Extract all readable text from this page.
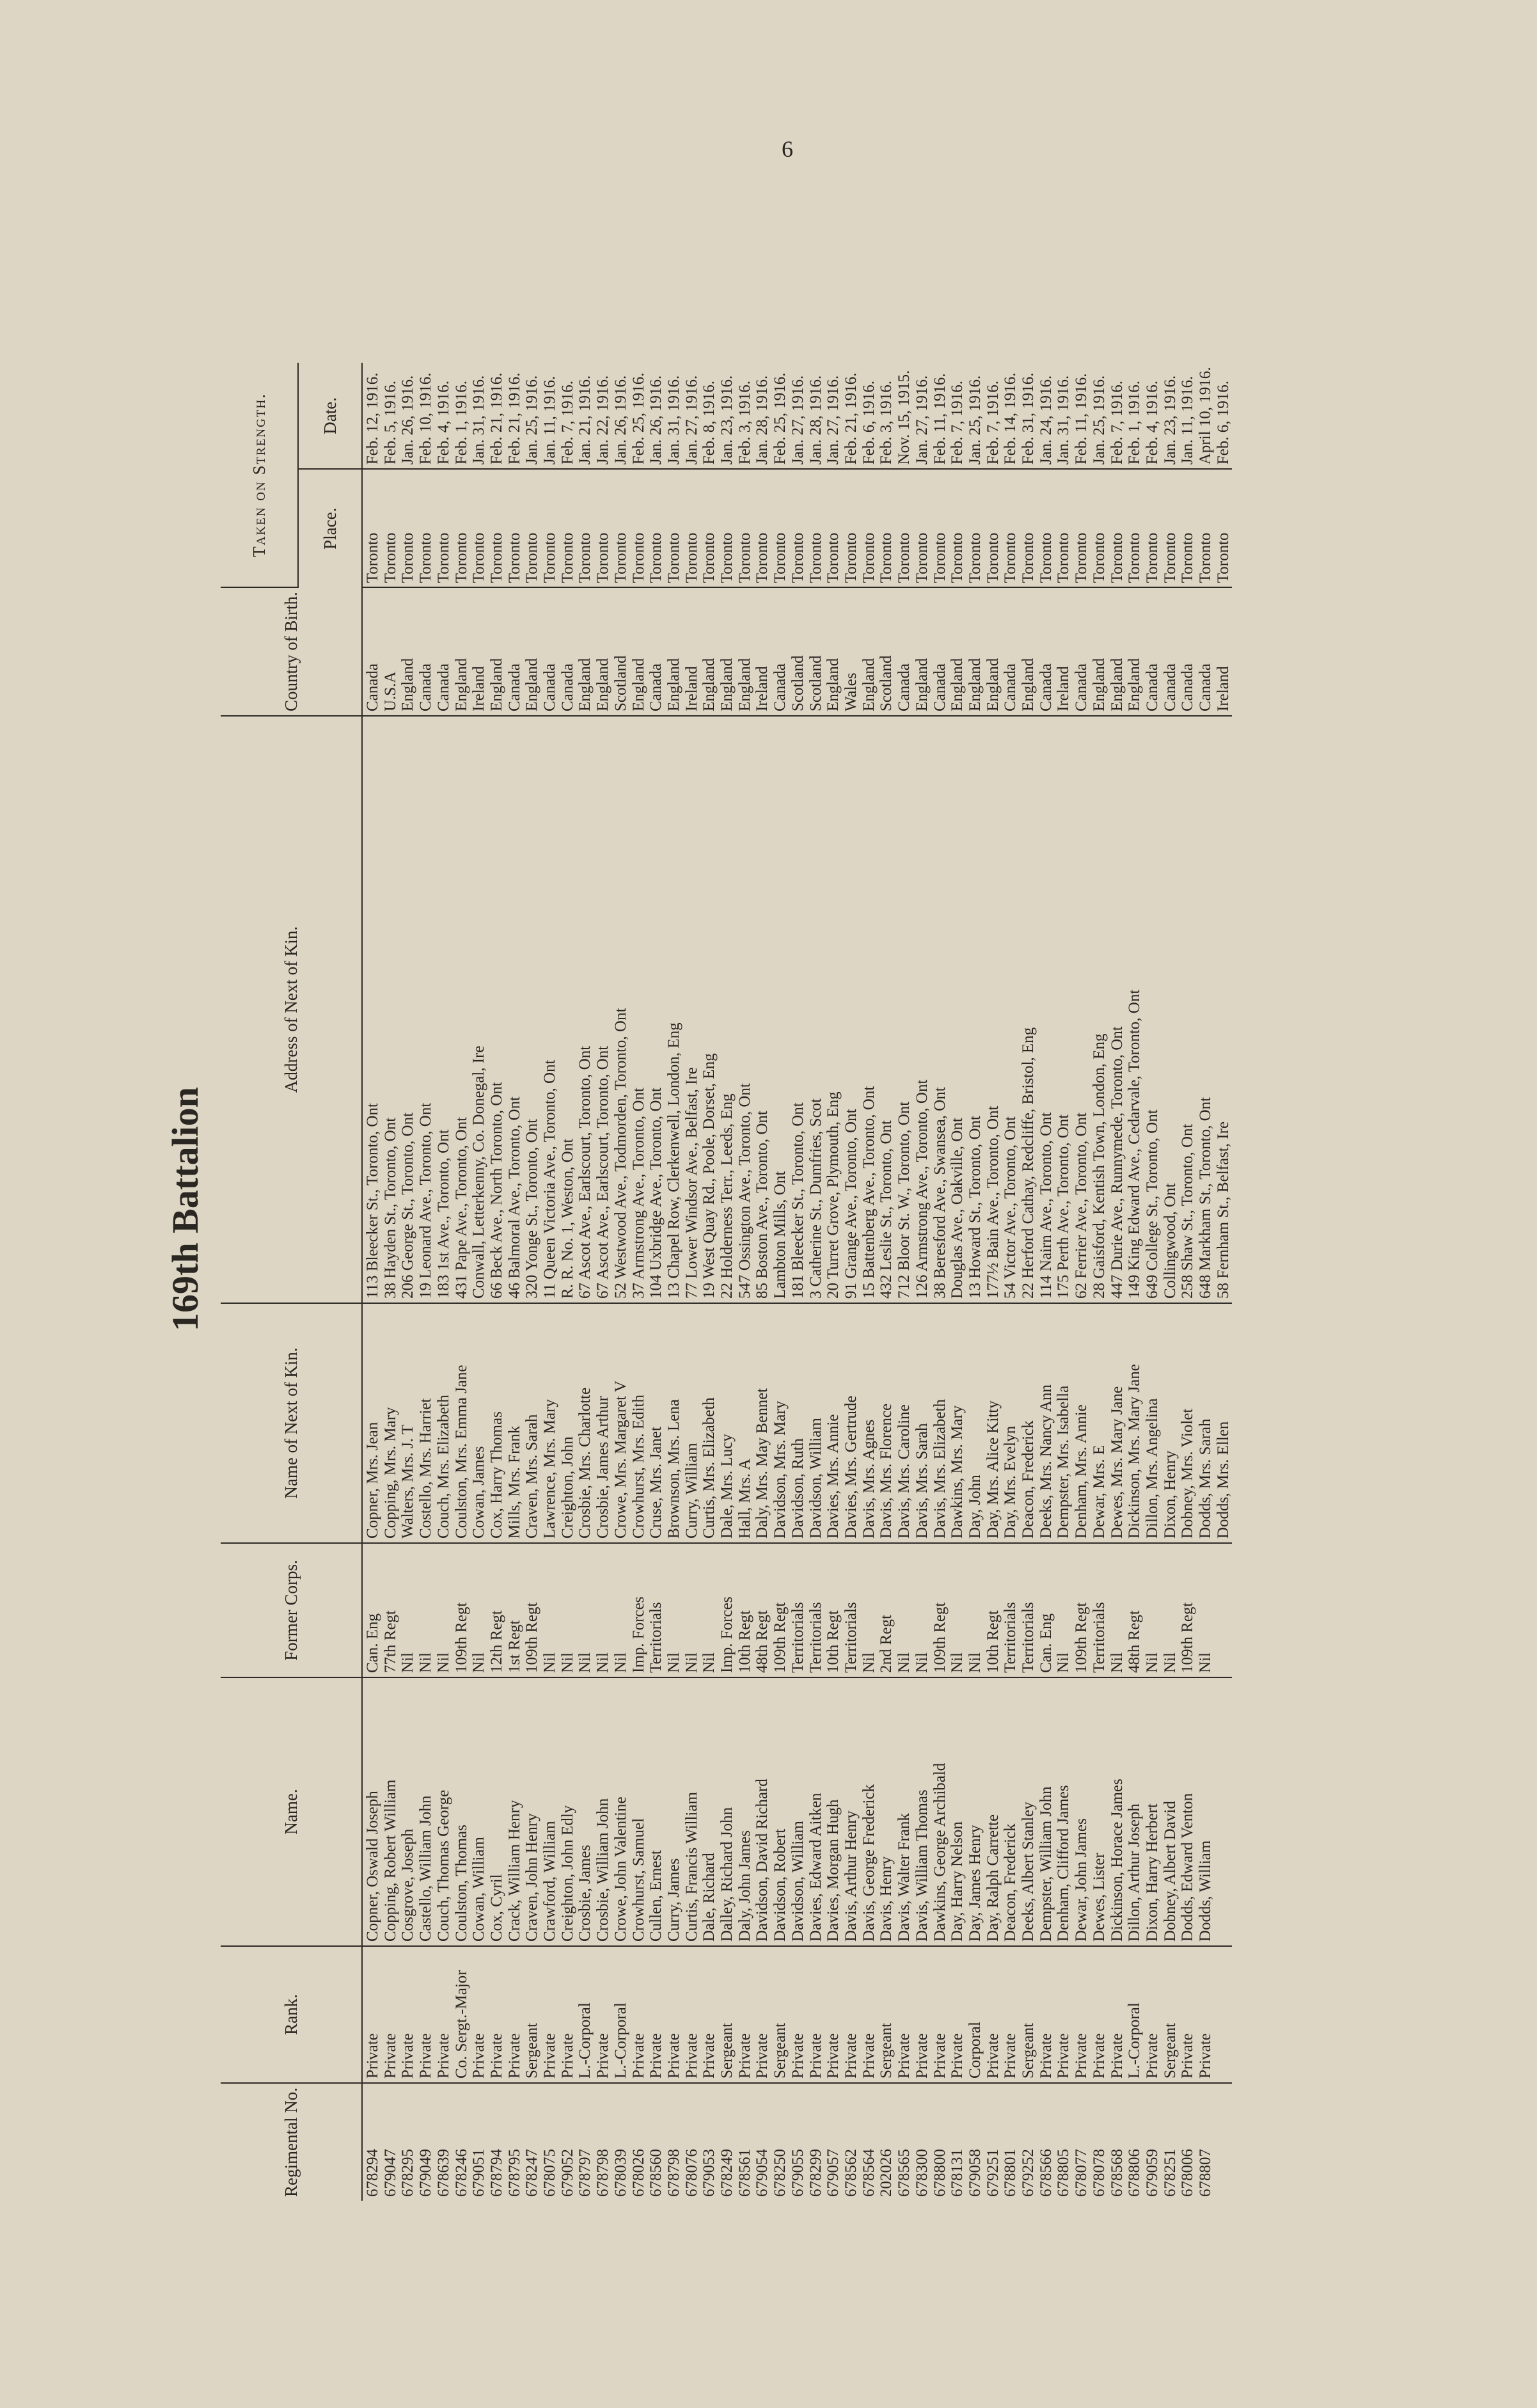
6
169th Battalion
Regimental No.	Rank.	Name.	Former Corps.	Name of Next of Kin.	Address of Next of Kin.	Country of Birth.	Taken on Strength.	
							Place.	Date.
678294	Private	Copner, Oswald Joseph	Can. Eng	Copner, Mrs. Jean	113 Bleecker St., Toronto, Ont	Canada	Toronto	Feb. 12, 1916.
679047	Private	Copping, Robert William	77th Regt	Copping, Mrs. Mary	38 Hayden St., Toronto, Ont	U.S.A	Toronto	Feb. 5, 1916.
678295	Private	Cosgrove, Joseph	Nil	Walters, Mrs. J. T	206 George St., Toronto, Ont	England	Toronto	Jan. 26, 1916.
679049	Private	Castello, William John	Nil	Costello, Mrs. Harriet	19 Leonard Ave., Toronto, Ont	Canada	Toronto	Feb. 10, 1916.
678639	Private	Couch, Thomas George	Nil	Couch, Mrs. Elizabeth	183 1st Ave., Toronto, Ont	Canada	Toronto	Feb. 4, 1916.
678246	Co. Sergt.-Major	Coulston, Thomas	109th Regt	Coulston, Mrs. Emma Jane	431 Pape Ave., Toronto, Ont	England	Toronto	Feb. 1, 1916.
679051	Private	Cowan, William	Nil	Cowan, James	Conwall, Letterkenny, Co. Donegal, Ire	Ireland	Toronto	Jan. 31, 1916.
678794	Private	Cox, Cyril	12th Regt	Cox, Harry Thomas	66 Beck Ave., North Toronto, Ont	England	Toronto	Feb. 21, 1916.
678795	Private	Crack, William Henry	1st Regt	Mills, Mrs. Frank	46 Balmoral Ave., Toronto, Ont	Canada	Toronto	Feb. 21, 1916.
678247	Sergeant	Craven, John Henry	109th Regt	Craven, Mrs. Sarah	320 Yonge St., Toronto, Ont	England	Toronto	Jan. 25, 1916.
678075	Private	Crawford, William	Nil	Lawrence, Mrs. Mary	11 Queen Victoria Ave., Toronto, Ont	Canada	Toronto	Jan. 11, 1916.
679052	Private	Creighton, John Edly	Nil	Creighton, John	R. R. No. 1, Weston, Ont	Canada	Toronto	Feb. 7, 1916.
678797	L.-Corporal	Crosbie, James	Nil	Crosbie, Mrs. Charlotte	67 Ascot Ave., Earlscourt, Toronto, Ont	England	Toronto	Jan. 21, 1916.
678798	Private	Crosbie, William John	Nil	Crosbie, James Arthur	67 Ascot Ave., Earlscourt, Toronto, Ont	England	Toronto	Jan. 22, 1916.
678039	L.-Corporal	Crowe, John Valentine	Nil	Crowe, Mrs. Margaret V	52 Westwood Ave., Todmorden, Toronto, Ont	Scotland	Toronto	Jan. 26, 1916.
678026	Private	Crowhurst, Samuel	Imp. Forces	Crowhurst, Mrs. Edith	37 Armstrong Ave., Toronto, Ont	England	Toronto	Feb. 25, 1916.
678560	Private	Cullen, Ernest	Territorials	Cruse, Mrs. Janet	104 Uxbridge Ave., Toronto, Ont	Canada	Toronto	Jan. 26, 1916.
678798	Private	Curry, James	Nil	Brownson, Mrs. Lena	13 Chapel Row, Clerkenwell, London, Eng	England	Toronto	Jan. 31, 1916.
678076	Private	Curtis, Francis William	Nil	Curry, William	77 Lower Windsor Ave., Belfast, Ire	Ireland	Toronto	Jan. 27, 1916.
679053	Private	Dale, Richard	Nil	Curtis, Mrs. Elizabeth	19 West Quay Rd., Poole, Dorset, Eng	England	Toronto	Feb. 8, 1916.
678249	Sergeant	Dalley, Richard John	Imp. Forces	Dale, Mrs. Lucy	22 Holderness Terr., Leeds, Eng	England	Toronto	Jan. 23, 1916.
678561	Private	Daly, John James	10th Regt	Hall, Mrs. A	547 Ossington Ave., Toronto, Ont	England	Toronto	Feb. 3, 1916.
679054	Private	Davidson, David Richard	48th Regt	Daly, Mrs. May Bennet	85 Boston Ave., Toronto, Ont	Ireland	Toronto	Jan. 28, 1916.
678250	Sergeant	Davidson, Robert	109th Regt	Davidson, Mrs. Mary	Lambton Mills, Ont	Canada	Toronto	Feb. 25, 1916.
679055	Private	Davidson, William	Territorials	Davidson, Ruth	181 Bleecker St., Toronto, Ont	Scotland	Toronto	Jan. 27, 1916.
678299	Private	Davies, Edward Aitken	Territorials	Davidson, William	3 Catherine St., Dumfries, Scot	Scotland	Toronto	Jan. 28, 1916.
679057	Private	Davies, Morgan Hugh	10th Regt	Davies, Mrs. Annie	20 Turret Grove, Plymouth, Eng	England	Toronto	Jan. 27, 1916.
678562	Private	Davis, Arthur Henry	Territorials	Davies, Mrs. Gertrude	91 Grange Ave., Toronto, Ont	Wales	Toronto	Feb. 21, 1916.
678564	Private	Davis, George Frederick	Nil	Davis, Mrs. Agnes	15 Battenberg Ave., Toronto, Ont	England	Toronto	Feb. 6, 1916.
202026	Sergeant	Davis, Henry	2nd Regt	Davis, Mrs. Florence	432 Leslie St., Toronto, Ont	Scotland	Toronto	Feb. 3, 1916.
678565	Private	Davis, Walter Frank	Nil	Davis, Mrs. Caroline	712 Bloor St. W., Toronto, Ont	Canada	Toronto	Nov. 15, 1915.
678300	Private	Davis, William Thomas	Nil	Davis, Mrs. Sarah	126 Armstrong Ave., Toronto, Ont	England	Toronto	Jan. 27, 1916.
678800	Private	Dawkins, George Archibald	109th Regt	Davis, Mrs. Elizabeth	38 Beresford Ave., Swansea, Ont	Canada	Toronto	Feb. 11, 1916.
678131	Private	Day, Harry Nelson	Nil	Dawkins, Mrs. Mary	Douglas Ave., Oakville, Ont	England	Toronto	Feb. 7, 1916.
679058	Corporal	Day, James Henry	Nil	Day, John	13 Howard St., Toronto, Ont	England	Toronto	Jan. 25, 1916.
679251	Private	Day, Ralph Carrette	10th Regt	Day, Mrs. Alice Kitty	177½ Bain Ave., Toronto, Ont	England	Toronto	Feb. 7, 1916.
678801	Private	Deacon, Frederick	Territorials	Day, Mrs. Evelyn	54 Victor Ave., Toronto, Ont	Canada	Toronto	Feb. 14, 1916.
679252	Sergeant	Deeks, Albert Stanley	Territorials	Deacon, Frederick	22 Herford Cathay, Redcliffe, Bristol, Eng	England	Toronto	Feb. 31, 1916.
678566	Private	Dempster, William John	Can. Eng	Deeks, Mrs. Nancy Ann	114 Nairn Ave., Toronto, Ont	Canada	Toronto	Jan. 24, 1916.
678805	Private	Denham, Clifford James	Nil	Dempster, Mrs. Isabella	175 Perth Ave., Toronto, Ont	Ireland	Toronto	Jan. 31, 1916.
678077	Private	Dewar, John James	109th Regt	Denham, Mrs. Annie	62 Ferrier Ave., Toronto, Ont	Canada	Toronto	Feb. 11, 1916.
678078	Private	Dewes, Lister	Territorials	Dewar, Mrs. E	28 Gaisford, Kentish Town, London, Eng	England	Toronto	Jan. 25, 1916.
678568	Private	Dickinson, Horace James	Nil	Dewes, Mrs. Mary Jane	447 Durie Ave., Runnymede, Toronto, Ont	England	Toronto	Feb. 7, 1916.
678806	L.-Corporal	Dillon, Arthur Joseph	48th Regt	Dickinson, Mrs. Mary Jane	149 King Edward Ave., Cedarvale, Toronto, Ont	England	Toronto	Feb. 1, 1916.
679059	Private	Dixon, Harry Herbert	Nil	Dillon, Mrs. Angelina	649 College St., Toronto, Ont	Canada	Toronto	Feb. 4, 1916.
678251	Sergeant	Dobney, Albert David	Nil	Dixon, Henry	Collingwood, Ont	Canada	Toronto	Jan. 23, 1916.
678006	Private	Dodds, Edward Venton	109th Regt	Dobney, Mrs. Violet	258 Shaw St., Toronto, Ont	Canada	Toronto	Jan. 11, 1916.
678807	Private	Dodds, William	Nil	Dodds, Mrs. Sarah	648 Markham St., Toronto, Ont	Canada	Toronto	April 10, 1916.
				Dodds, Mrs. Ellen	58 Fernham St., Belfast, Ire	Ireland	Toronto	Feb. 6, 1916.
